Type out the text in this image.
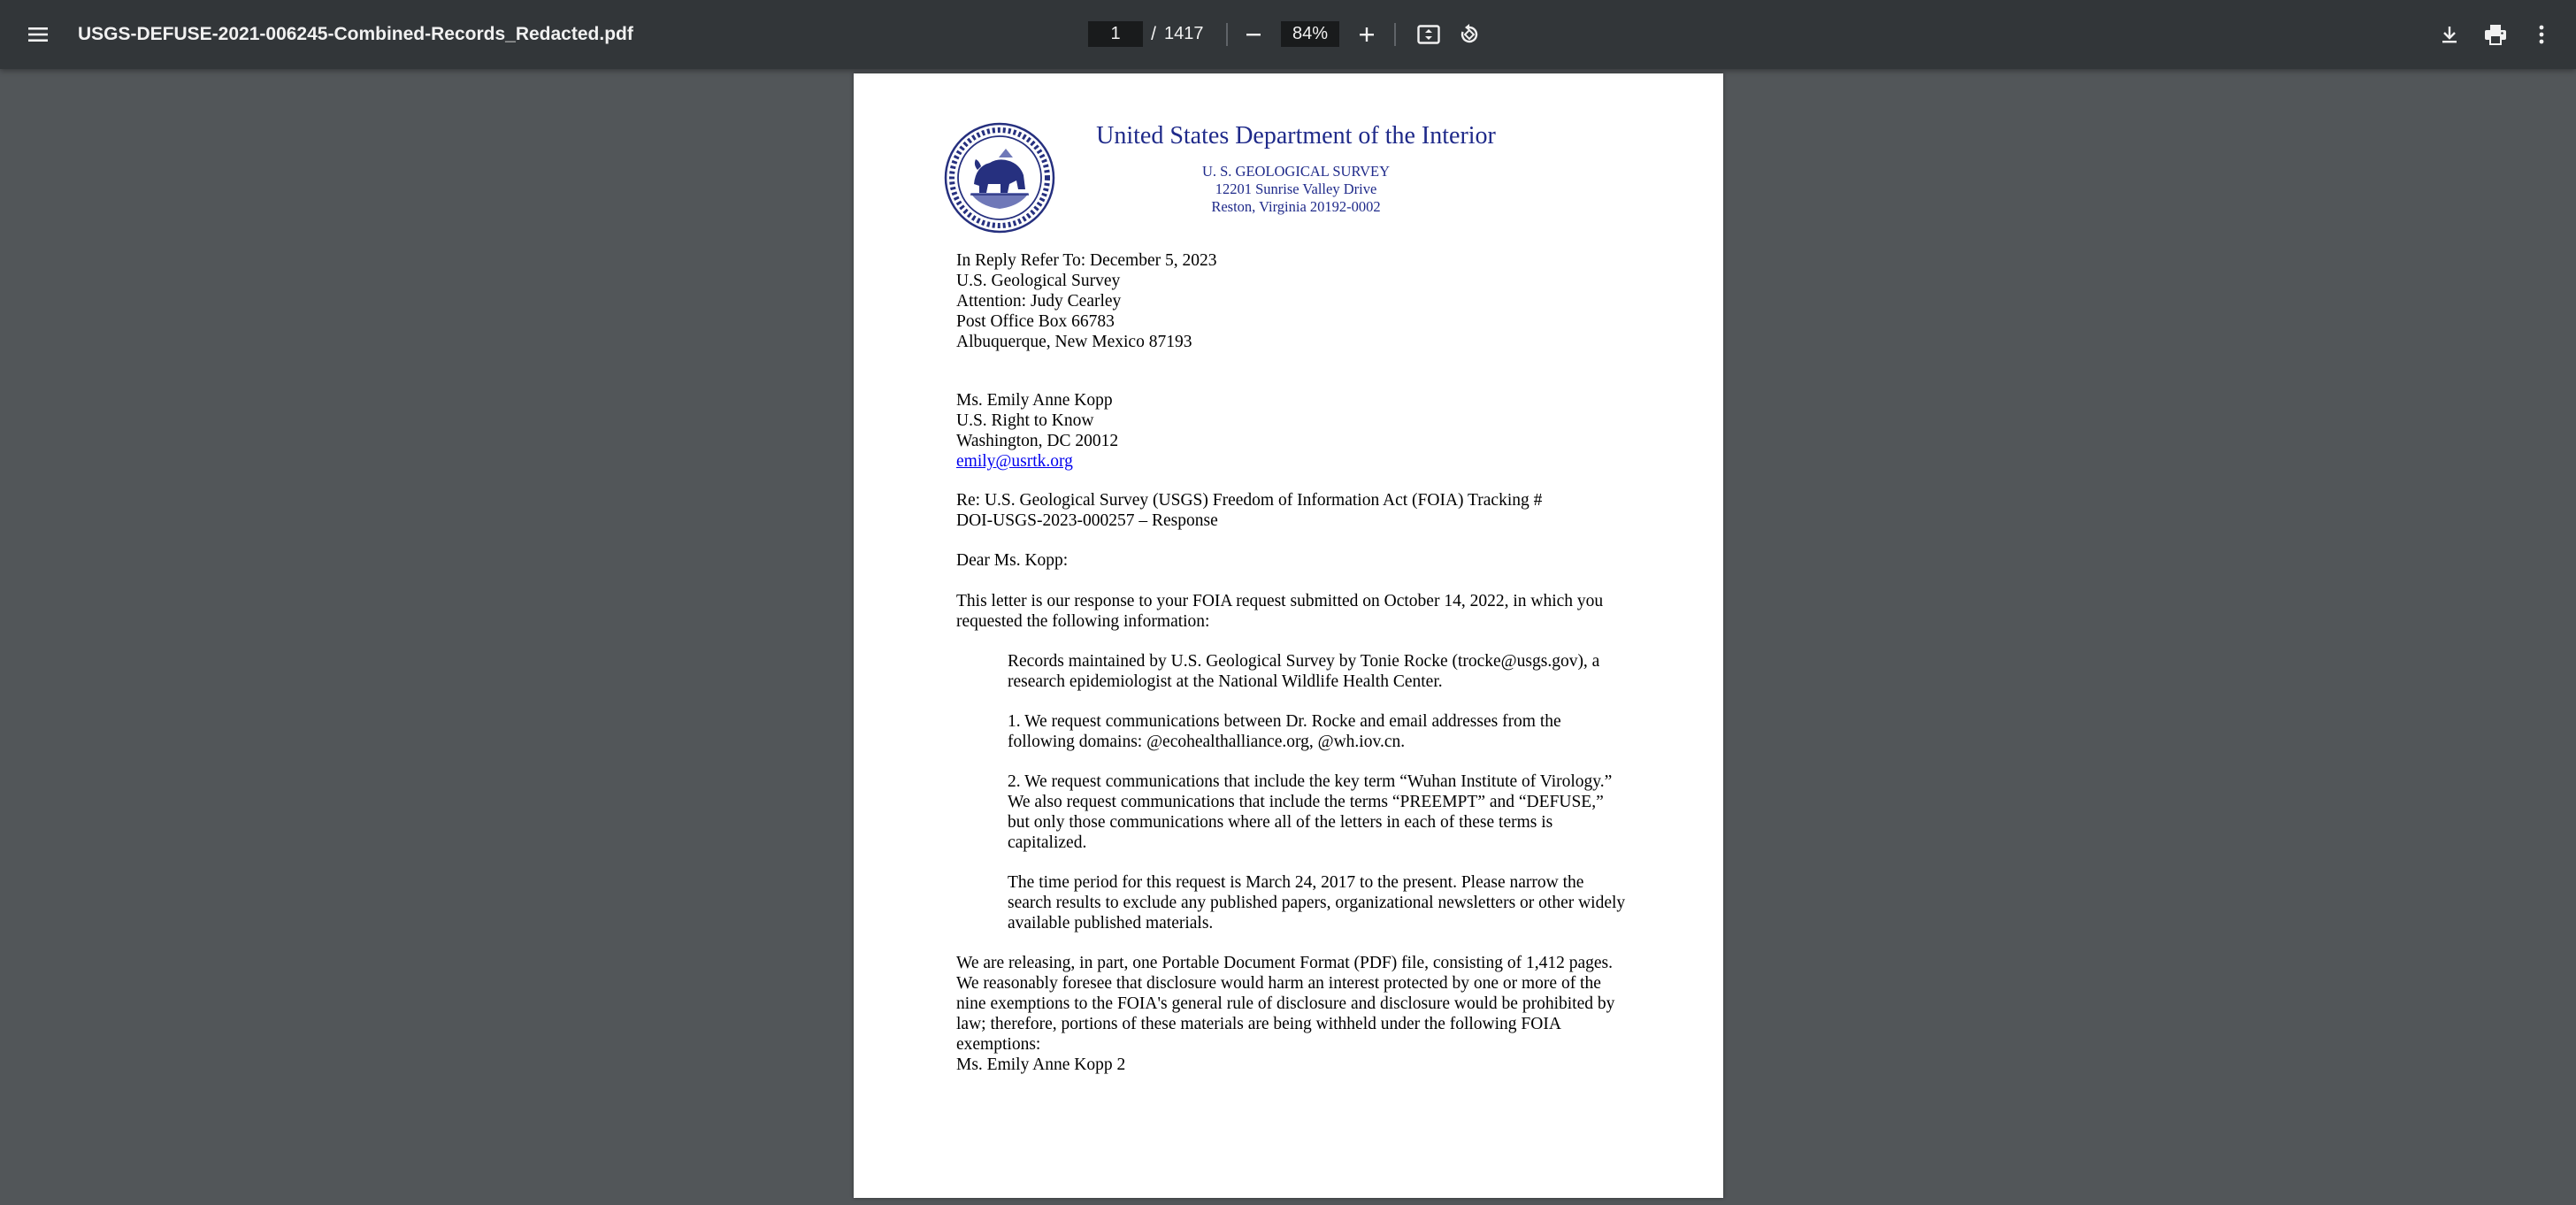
USGS-DEFUSE-2021-006245-Combined-Records_Redacted.pdf
1	/ 1417
84%
United States Department of the Interior
U. S. GEOLOGICAL SURVEY
12201 Sunrise Valley Drive
Reston, Virginia 20192-0002
In Reply Refer To: December 5, 2023
U.S. Geological Survey
Attention: Judy Cearley
Post Office Box 66783
Albuquerque, New Mexico 87193
Ms. Emily Anne Kopp
U.S. Right to Know
Washington, DC 20012
emily@usrtk.org
Re: U.S. Geological Survey (USGS) Freedom of Information Act (FOIA) Tracking #
DOI-USGS-2023-000257 – Response
Dear Ms. Kopp:
This letter is our response to your FOIA request submitted on October 14, 2022, in which you
requested the following information:
Records maintained by U.S. Geological Survey by Tonie Rocke (trocke@usgs.gov), a
research epidemiologist at the National Wildlife Health Center.
1. We request communications between Dr. Rocke and email addresses from the
following domains: @ecohealthalliance.org, @wh.iov.cn.
2. We request communications that include the key term “Wuhan Institute of Virology.”
We also request communications that include the terms “PREEMPT” and “DEFUSE,”
but only those communications where all of the letters in each of these terms is
capitalized.
The time period for this request is March 24, 2017 to the present. Please narrow the
search results to exclude any published papers, organizational newsletters or other widely
available published materials.
We are releasing, in part, one Portable Document Format (PDF) file, consisting of 1,412 pages.
We reasonably foresee that disclosure would harm an interest protected by one or more of the
nine exemptions to the FOIA's general rule of disclosure and disclosure would be prohibited by
law; therefore, portions of these materials are being withheld under the following FOIA
exemptions:
Ms. Emily Anne Kopp 2
